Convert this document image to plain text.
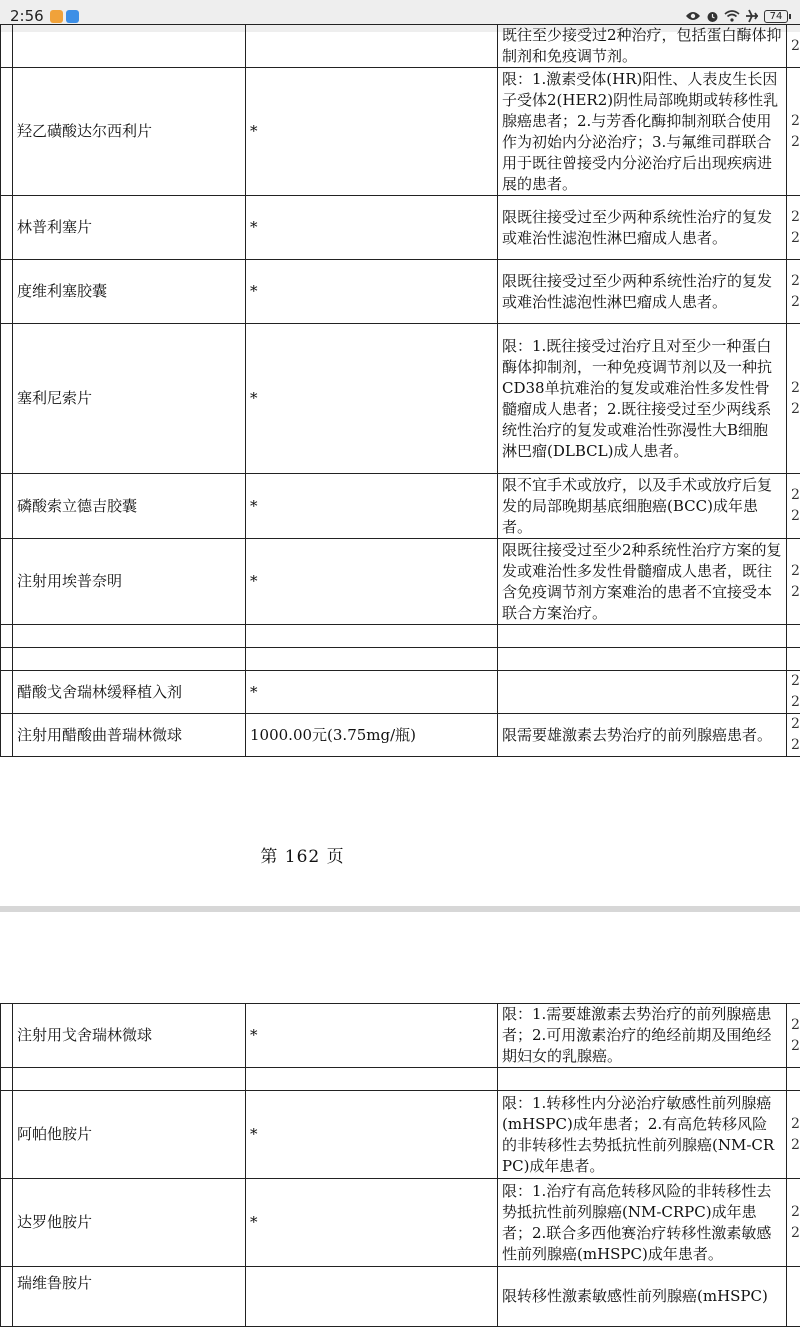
2:56	74

			既往至少接受过2种治疗，包括蛋白酶体抑制剂和免疫调节剂。	2
	羟乙磺酸达尔西利片	*	限：1.激素受体(HR)阳性、人表皮生长因子受体2(HER2)阴性局部晚期或转移性乳腺癌患者；2.与芳香化酶抑制剂联合使用作为初始内分泌治疗；3.与氟维司群联合用于既往曾接受内分泌治疗后出现疾病进展的患者。	2 2
	林普利塞片	*	限既往接受过至少两种系统性治疗的复发或难治性滤泡性淋巴瘤成人患者。	2 2
	度维利塞胶囊	*	限既往接受过至少两种系统性治疗的复发或难治性滤泡性淋巴瘤成人患者。	2 2
	塞利尼索片	*	限：1.既往接受过治疗且对至少一种蛋白酶体抑制剂，一种免疫调节剂以及一种抗CD38单抗难治的复发或难治性多发性骨髓瘤成人患者；2.既往接受过至少两线系统性治疗的复发或难治性弥漫性大B细胞淋巴瘤(DLBCL)成人患者。	2 2
	磷酸索立德吉胶囊	*	限不宜手术或放疗，以及手术或放疗后复发的局部晚期基底细胞癌(BCC)成年患者。	2 2
	注射用埃普奈明	*	限既往接受过至少2种系统性治疗方案的复发或难治性多发性骨髓瘤成人患者，既往含免疫调节剂方案难治的患者不宜接受本联合方案治疗。	2 2

	醋酸戈舍瑞林缓释植入剂	*		2 2
	注射用醋酸曲普瑞林微球	1000.00元(3.75mg/瓶)	限需要雄激素去势治疗的前列腺癌患者。	2 2
第 162 页
	注射用戈舍瑞林微球	*	限：1.需要雄激素去势治疗的前列腺癌患者；2.可用激素治疗的绝经前期及围绝经期妇女的乳腺癌。	2 2

	阿帕他胺片	*	限：1.转移性内分泌治疗敏感性前列腺癌(mHSPC)成年患者；2.有高危转移风险的非转移性去势抵抗性前列腺癌(NM-CRPC)成年患者。	2 2
	达罗他胺片	*	限：1.治疗有高危转移风险的非转移性去势抵抗性前列腺癌(NM-CRPC)成年患者；2.联合多西他赛治疗转移性激素敏感性前列腺癌(mHSPC)成年患者。	2 2
	瑞维鲁胺片		限转移性激素敏感性前列腺癌(mHSPC)	
